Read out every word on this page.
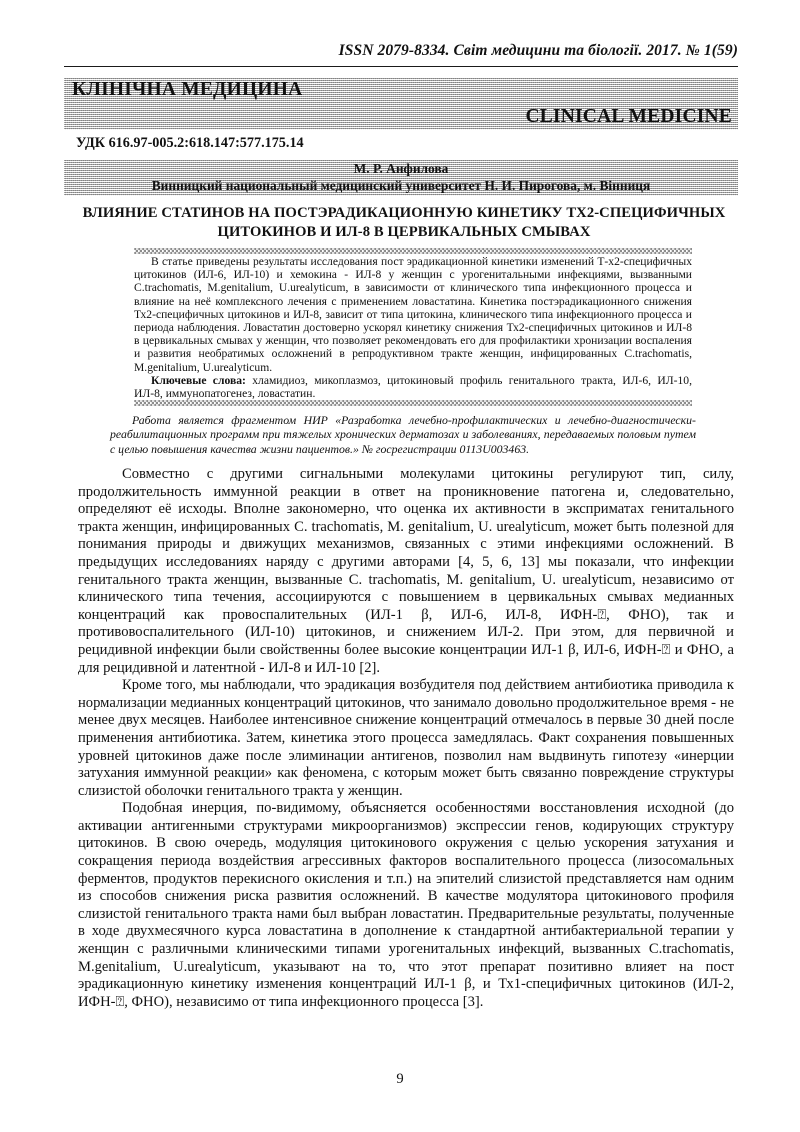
ISSN 2079-8334. Світ медицини та біології. 2017. № 1(59)
КЛІНІЧНА МЕДИЦИНА
CLINICAL MEDICINE
УДК 616.97-005.2:618.147:577.175.14
М. Р. Анфилова
Винницкий национальный медицинский университет Н. И. Пирогова, м. Вінниця
ВЛИЯНИЕ СТАТИНОВ НА ПОСТЭРАДИКАЦИОННУЮ КИНЕТИКУ ТХ2-СПЕЦИФИЧНЫХ ЦИТОКИНОВ И ИЛ-8 В ЦЕРВИКАЛЬНЫХ СМЫВАХ

В статье приведены результаты исследования пост эрадикационной кинетики изменений Т-х2-специфичных цитокинов (ИЛ-6, ИЛ-10) и хемокина - ИЛ-8 у женщин с урогенитальными инфекциями, вызванными C.trachomatis, M.genitalium, U.urealyticum, в зависимости от клинического типа инфекционного процесса и влияние на неё комплексного лечения с применением ловастатина. Кинетика постэрадикационного снижения Тх2-специфичных цитокинов и ИЛ-8, зависит от типа цитокина, клинического типа инфекционного процесса и периода наблюдения. Ловастатин достоверно ускорял кинетику снижения Тх2-специфичных цитокинов и ИЛ-8 в цервикальных смывах у женщин, что позволяет рекомендовать его для профилактики хронизации воспаления и развития необратимых осложнений в репродуктивном тракте женщин, инфицированных C.trachomatis, M.genitalium, U.urealyticum.

Ключевые слова: хламидиоз, микоплазмоз, цитокиновый профиль генитального тракта, ИЛ-6, ИЛ-10, ИЛ-8, иммунопатогенез, ловастатин.

Работа является фрагментом НИР «Разработка лечебно-профилактических и лечебно-диагностически-реабилитационных программ при тяжелых хронических дерматозах и заболеваниях, передаваемых половым путем с целью повышения качества жизни пациентов.» № госрегистрации 0113U003463.

Совместно с другими сигнальными молекулами цитокины регулируют тип, силу, продолжительность иммунной реакции в ответ на проникновение патогена и, следовательно, определяют её исходы. Вполне закономерно, что оценка их активности в эксприматах генитального тракта женщин, инфицированных C. trachomatis, M. genitalium, U. urealyticum, может быть полезной для понимания природы и движущих механизмов, связанных с этими инфекциями осложнений. В предыдущих исследованиях наряду с другими авторами [4, 5, 6, 13] мы показали, что инфекции генитального тракта женщин, вызванные C. trachomatis, M. genitalium, U. urealyticum, независимо от клинического типа течения, ассоциируются с повышением в цервикальных смывах медианных концентраций как провоспалительных (ИЛ-1 β, ИЛ-6, ИЛ-8, ИФН-⍰, ФНО), так и противовоспалительного (ИЛ-10) цитокинов, и снижением ИЛ-2. При этом, для первичной и рецидивной инфекции были свойственны более высокие концентрации ИЛ-1 β, ИЛ-6, ИФН-⍰ и ФНО, а для рецидивной и латентной - ИЛ-8 и ИЛ-10 [2].

Кроме того, мы наблюдали, что эрадикация возбудителя под действием антибиотика приводила к нормализации медианных концентраций цитокинов, что занимало довольно продолжительное время - не менее двух месяцев. Наиболее интенсивное снижение концентраций отмечалось в первые 30 дней после применения антибиотика. Затем, кинетика этого процесса замедлялась. Факт сохранения повышенных уровней цитокинов даже после элиминации антигенов, позволил нам выдвинуть гипотезу «инерции затухания иммунной реакции» как феномена, с которым может быть связанно повреждение структуры слизистой оболочки генитального тракта у женщин.

Подобная инерция, по-видимому, объясняется особенностями восстановления исходной (до активации антигенными структурами микроорганизмов) экспрессии генов, кодирующих структуру цитокинов. В свою очередь, модуляция цитокинового окружения с целью ускорения затухания и сокращения периода воздействия агрессивных факторов воспалительного процесса (лизосомальных ферментов, продуктов перекисного окисления и т.п.) на эпителий слизистой представляется нам одним из способов снижения риска развития осложнений. В качестве модулятора цитокинового профиля слизистой генитального тракта нами был выбран ловастатин. Предварительные результаты, полученные в ходе двухмесячного курса ловастатина в дополнение к стандартной антибактериальной терапии у женщин с различными клиническими типами урогенитальных инфекций, вызванных C.trachomatis, M.genitalium, U.urealyticum, указывают на то, что этот препарат позитивно влияет на пост эрадикационную кинетику изменения концентраций ИЛ-1 β, и Тх1-специфичных цитокинов (ИЛ-2, ИФН-⍰, ФНО), независимо от типа инфекционного процесса [3].

9
